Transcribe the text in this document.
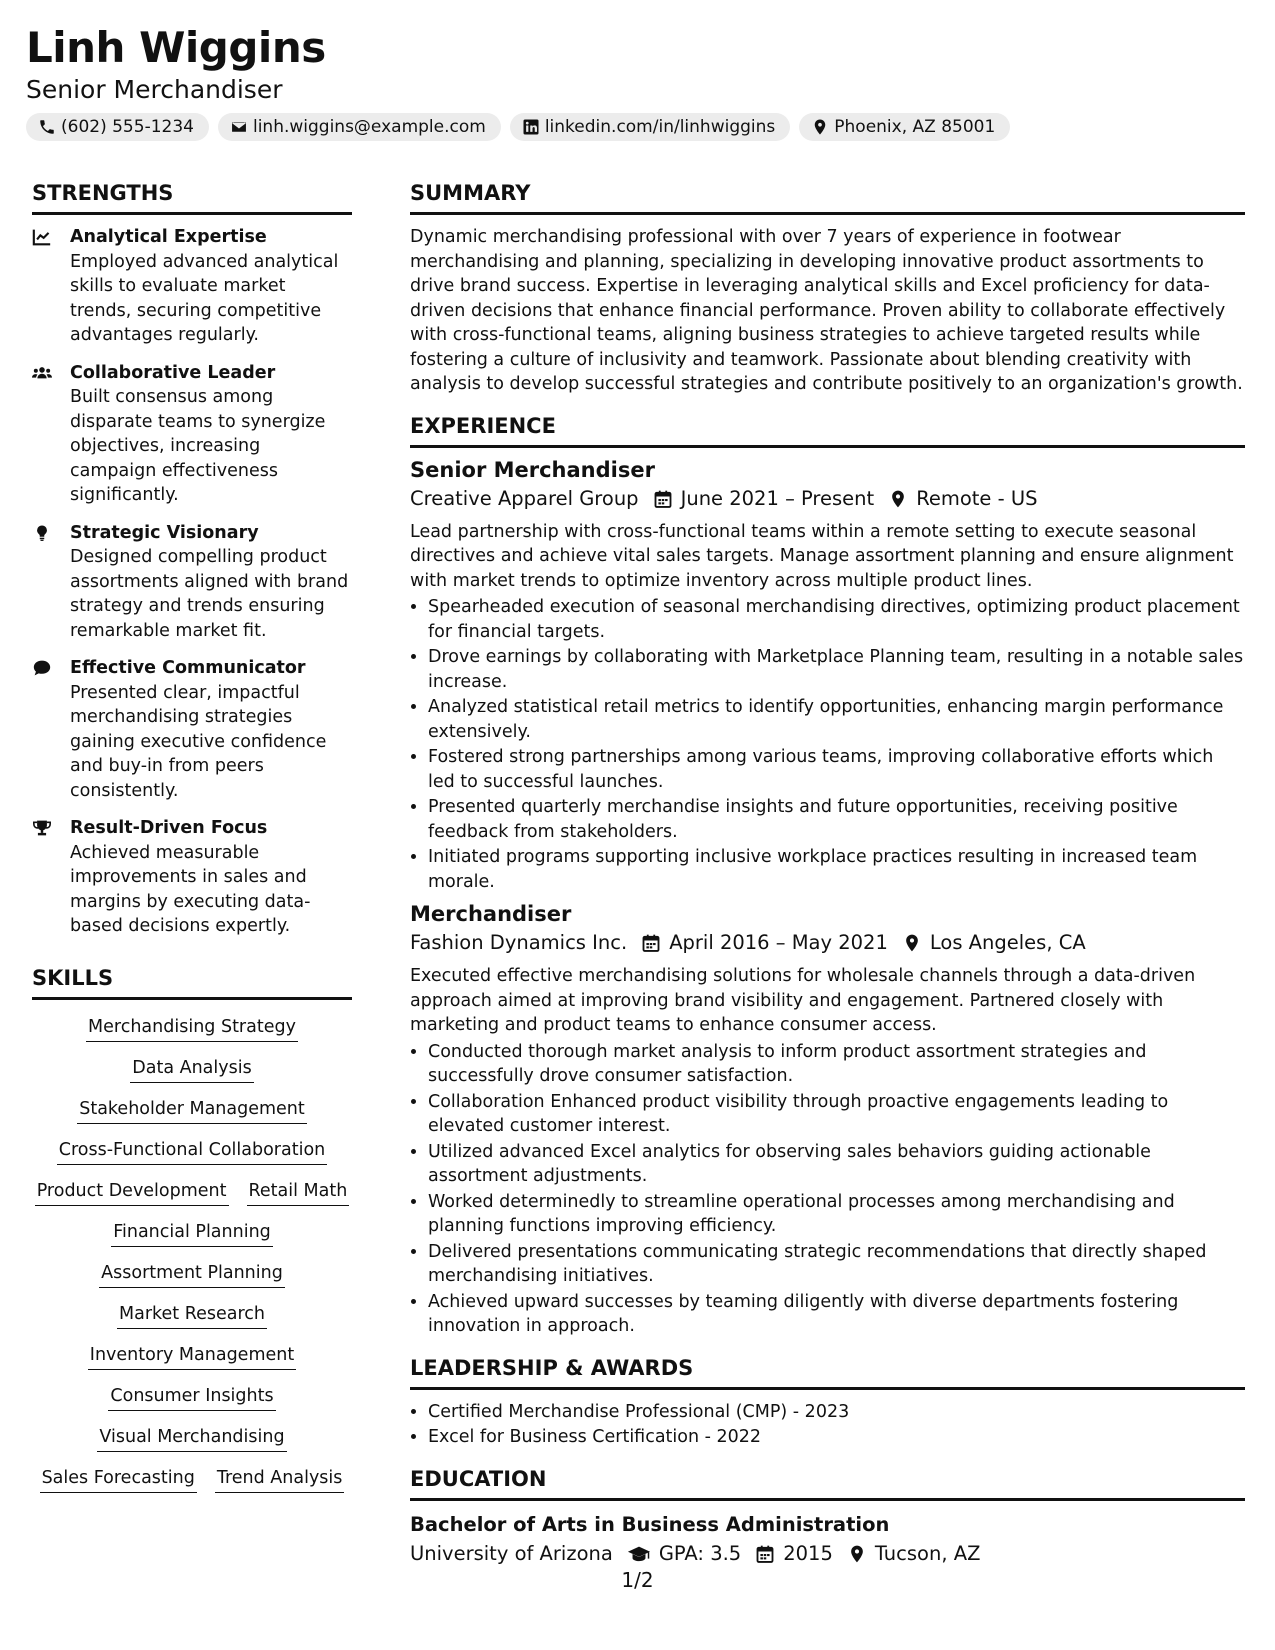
Linh Wiggins
Senior Merchandiser
(602) 555-1234	linh.wiggins@example.com	linkedin.com/in/linhwiggins	Phoenix, AZ 85001
STRENGTHS
Analytical Expertise
Employed advanced analytical skills to evaluate market trends, securing competitive advantages regularly.
Collaborative Leader
Built consensus among disparate teams to synergize objectives, increasing campaign effectiveness significantly.
Strategic Visionary
Designed compelling product assortments aligned with brand strategy and trends ensuring remarkable market fit.
Effective Communicator
Presented clear, impactful merchandising strategies gaining executive confidence and buy-in from peers consistently.
Result-Driven Focus
Achieved measurable improvements in sales and margins by executing data-based decisions expertly.
SKILLS
Merchandising Strategy
Data Analysis
Stakeholder Management
Cross-Functional Collaboration
Product Development Retail Math
Financial Planning
Assortment Planning
Market Research
Inventory Management
Consumer Insights
Visual Merchandising
Sales Forecasting Trend Analysis
SUMMARY
Dynamic merchandising professional with over 7 years of experience in footwear merchandising and planning, specializing in developing innovative product assortments to drive brand success. Expertise in leveraging analytical skills and Excel proficiency for data-driven decisions that enhance financial performance. Proven ability to collaborate effectively with cross-functional teams, aligning business strategies to achieve targeted results while fostering a culture of inclusivity and teamwork. Passionate about blending creativity with analysis to develop successful strategies and contribute positively to an organization's growth.
EXPERIENCE
Senior Merchandiser
Creative Apparel Group June 2021 – Present Remote - US
Lead partnership with cross-functional teams within a remote setting to execute seasonal directives and achieve vital sales targets. Manage assortment planning and ensure alignment with market trends to optimize inventory across multiple product lines.
• Spearheaded execution of seasonal merchandising directives, optimizing product placement for financial targets.
• Drove earnings by collaborating with Marketplace Planning team, resulting in a notable sales increase.
• Analyzed statistical retail metrics to identify opportunities, enhancing margin performance extensively.
• Fostered strong partnerships among various teams, improving collaborative efforts which led to successful launches.
• Presented quarterly merchandise insights and future opportunities, receiving positive feedback from stakeholders.
• Initiated programs supporting inclusive workplace practices resulting in increased team morale.
Merchandiser
Fashion Dynamics Inc. April 2016 – May 2021 Los Angeles, CA
Executed effective merchandising solutions for wholesale channels through a data-driven approach aimed at improving brand visibility and engagement. Partnered closely with marketing and product teams to enhance consumer access.
• Conducted thorough market analysis to inform product assortment strategies and successfully drove consumer satisfaction.
• Collaboration Enhanced product visibility through proactive engagements leading to elevated customer interest.
• Utilized advanced Excel analytics for observing sales behaviors guiding actionable assortment adjustments.
• Worked determinedly to streamline operational processes among merchandising and planning functions improving efficiency.
• Delivered presentations communicating strategic recommendations that directly shaped merchandising initiatives.
• Achieved upward successes by teaming diligently with diverse departments fostering innovation in approach.
LEADERSHIP & AWARDS
• Certified Merchandise Professional (CMP) - 2023
• Excel for Business Certification - 2022
EDUCATION
Bachelor of Arts in Business Administration
University of Arizona GPA: 3.5 2015 Tucson, AZ
1/2
